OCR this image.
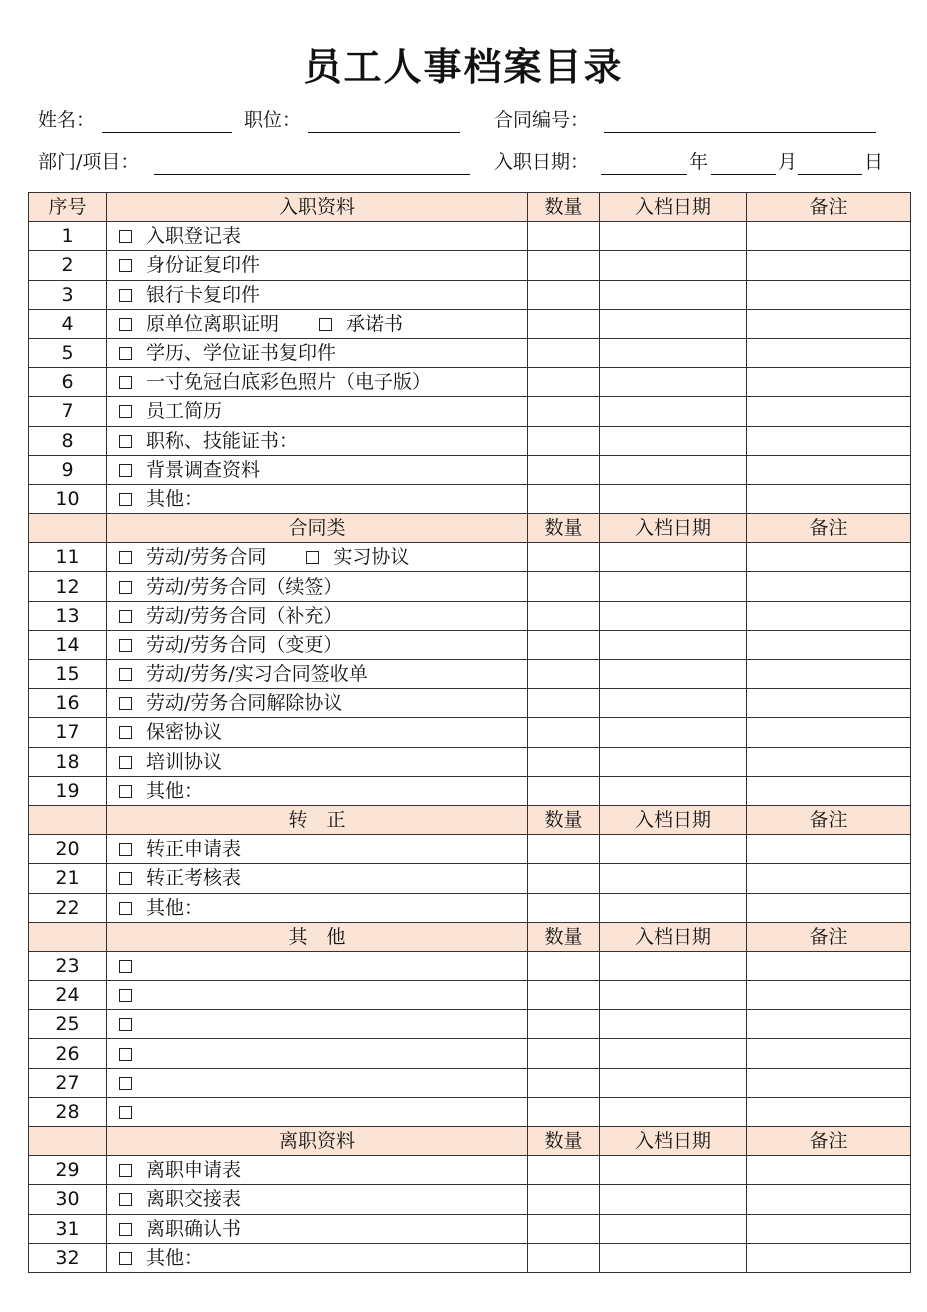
员工人事档案目录
姓名：	职位：	合同编号：
部门/项目：	入职日期：	年	月	日
序号	入职资料	数量	入档日期	备注
1	入职登记表			
2	身份证复印件			
3	银行卡复印件			
4	原单位离职证明 承诺书			
5	学历、学位证书复印件			
6	一寸免冠白底彩色照片（电子版）			
7	员工简历			
8	职称、技能证书：			
9	背景调查资料			
10	其他：			
	合同类	数量	入档日期	备注
11	劳动/劳务合同 实习协议			
12	劳动/劳务合同（续签）			
13	劳动/劳务合同（补充）			
14	劳动/劳务合同（变更）			
15	劳动/劳务/实习合同签收单			
16	劳动/劳务合同解除协议			
17	保密协议			
18	培训协议			
19	其他：			
	转　正	数量	入档日期	备注
20	转正申请表			
21	转正考核表			
22	其他：			
	其　他	数量	入档日期	备注
23				
24				
25				
26				
27				
28				
	离职资料	数量	入档日期	备注
29	离职申请表			
30	离职交接表			
31	离职确认书			
32	其他：			
